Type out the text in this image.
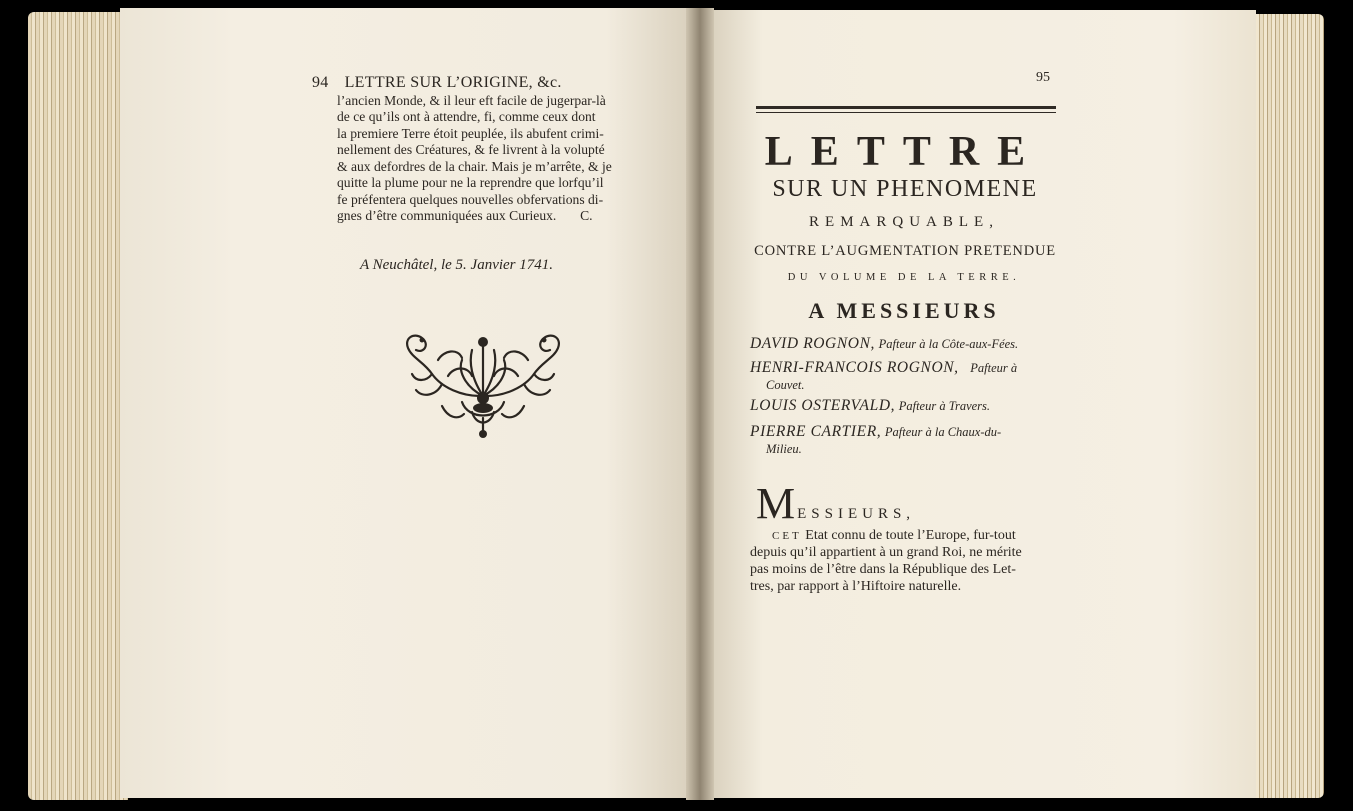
94 LETTRE SUR L’ORIGINE, &c.
l’ancien Monde, & il leur eft facile de jugerpar-là
de ce qu’ils ont à attendre, fi, comme ceux dont
la premiere Terre étoit peuplée, ils abufent crimi-
nellement des Créatures, & fe livrent à la volupté
& aux defordres de la chair. Mais je m’arrête, & je
quitte la plume pour ne la reprendre que lorfqu’il
fe préfentera quelques nouvelles obfervations di-
gnes d’être communiquées aux Curieux.       C.
A Neuchâtel, le 5. Janvier 1741.
95
LETTRE
SUR UN PHENOMENE
REMARQUABLE,
CONTRE L’AUGMENTATION PRETENDUE
DU VOLUME DE LA TERRE.
A MESSIEURS
DAVID ROGNON, Pafteur à la Côte-aux-Fées.
HENRI-FRANCOIS ROGNON, Pafteur à
Couvet.
LOUIS OSTERVALD, Pafteur à Travers.
PIERRE CARTIER, Pafteur à la Chaux-du-
Milieu.
MESSIEURS,
CET Etat connu de toute l’Europe, fur-tout
depuis qu’il appartient à un grand Roi, ne mérite
pas moins de l’être dans la République des Let-
tres, par rapport à l’Hiftoire naturelle.
